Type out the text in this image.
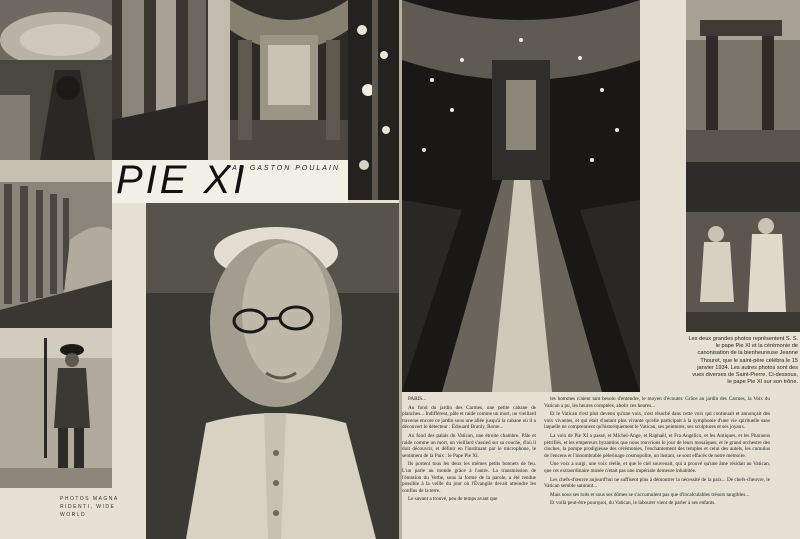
PIE XI
PAR GASTON POULAIN
PHOTOS MAGNA RIDENTI, WIDE WORLD
Les deux grandes photos représentent S. S. le pape Pie XI et la cérémonie de canonisation de la bienheureuse Jeanne Thouret, que le saint-père célébra le 15 janvier 1934. Les autres photos sont des vues diverses de Saint-Pierre. Ci-dessous, le pape Pie XI sur son trône.

PARIS...

Au fond du jardin des Carmes, une petite cabane de planches... Indifférent, pâle et raide comme un mort, un vieillard traverse encore ce jardin sous une allée jusqu'à la cabane où il a découvert le détecteur : Édouard Branly, Rome...

Au fond des palais du Vatican, une étroite chambre. Pâle et raide comme un mort, un vieillard s'assied sur sa couche, d'où il doit découvrir, et définir en l'instituant par le microphone, le sentiment de la Paix : le Pape Pie XI.

Ils portent tous les deux les mêmes petits bonnets de feu. L'un parle au monde grâce à l'autre. La transmission de l'émotion du Verbe, sous la forme de la parole, a été rendue possible à la veille du jour où l'Évangile devait atteindre les confins de la terre.

Le savant a trouvé, peu de temps avant que

les hommes n'aient tant besoin d'entendre, le moyen d'écouter. Grâce au jardin des Carmes, la Voix du Vatican a pu, les heures comptées, abolir ces heures...

Et le Vatican n'est plus devenu qu'une voix, s'est résorbé dans cette voix qui continuait et annonçait des voix vivantes, et qui était d'autant plus vivante qu'elle participait à la symphonie d'une vie spirituelle sans laquelle ne comprennent qu'historiquement le Vatican, ses peintures, ses sculptures et ses joyaux.

La voix de Pie XI a passé, et Michel-Ange, et Raphaël, et Fra Angelico, et les Antiques, et les Pharaons pétrifiés, et les empereurs byzantins que nous rouvrions le jour de leurs mosaïques, et le grand orchestre des cloches, la pompe prodigieuse des cérémonies, l'enchantement des temples et celui des autels, les cumulus de l'encens et l'innombrable pèlerinage cosmopolite, un instant, se sont effacés de notre mémoire.

Une voix a surgi, une voix réelle, et que le ciel souvenait, qui a prouvé qu'une âme résidait au Vatican, que cet extraordinaire musée n'était pas une impériale demeure inhabitée.

Les chefs-d'œuvre aujourd'hui ne suffisent plus à démontrer la nécessité de la paix... De chefs-d'œuvre, le Vatican semble saturant...

Mais nous ses toits et sous ses dômes se s'accumulent pas que d'incalculables trésors tangibles...

Et voilà peut-être pourquoi, du Vatican, le labourer vient de parler à ses enfants.
